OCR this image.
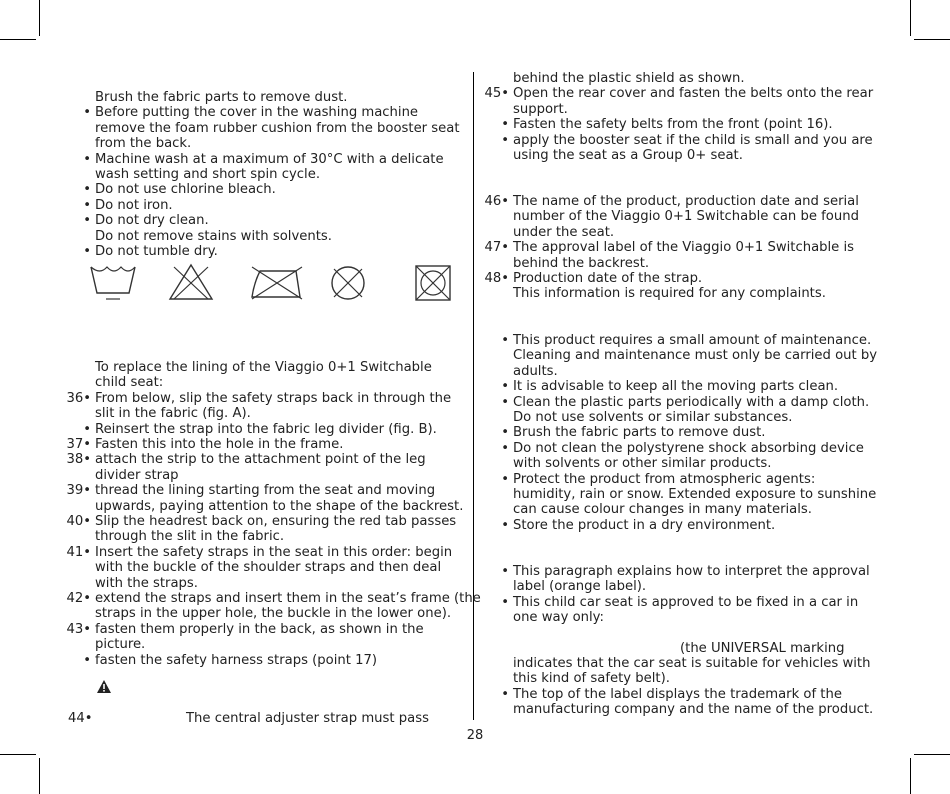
44•	The central adjuster strap must pass
(the UNIVERSAL marking
indicates that the car seat is suitable for vehicles with
this kind of safety belt).
28
Brush the fabric parts to remove dust.
• Before putting the cover in the washing machine
remove the foam rubber cushion from the booster seat
from the back.
• Machine wash at a maximum of 30°C with a delicate
wash setting and short spin cycle.
• Do not use chlorine bleach.
• Do not iron.
• Do not dry clean.
Do not remove stains with solvents.
• Do not tumble dry.
To replace the lining of the Viaggio 0+1 Switchable
child seat:
36• From below, slip the safety straps back in through the
slit in the fabric (fig. A).
• Reinsert the strap into the fabric leg divider (fig. B).
37• Fasten this into the hole in the frame.
38• attach the strip to the attachment point of the leg
divider strap
39• thread the lining starting from the seat and moving
upwards, paying attention to the shape of the backrest.
40• Slip the headrest back on, ensuring the red tab passes
through the slit in the fabric.
41• Insert the safety straps in the seat in this order: begin
with the buckle of the shoulder straps and then deal
with the straps.
42• extend the straps and insert them in the seat’s frame (the
straps in the upper hole, the buckle in the lower one).
43• fasten them properly in the back, as shown in the
picture.
• fasten the safety harness straps (point 17)
behind the plastic shield as shown.
45• Open the rear cover and fasten the belts onto the rear
support.
• Fasten the safety belts from the front (point 16).
• apply the booster seat if the child is small and you are
using the seat as a Group 0+ seat.
46• The name of the product, production date and serial
number of the Viaggio 0+1 Switchable can be found
under the seat.
47• The approval label of the Viaggio 0+1 Switchable is
behind the backrest.
48• Production date of the strap.
This information is required for any complaints.
• This product requires a small amount of maintenance.
Cleaning and maintenance must only be carried out by
adults.
• It is advisable to keep all the moving parts clean.
• Clean the plastic parts periodically with a damp cloth.
Do not use solvents or similar substances.
• Brush the fabric parts to remove dust.
• Do not clean the polystyrene shock absorbing device
with solvents or other similar products.
• Protect the product from atmospheric agents:
humidity, rain or snow. Extended exposure to sunshine
can cause colour changes in many materials.
• Store the product in a dry environment.
• This paragraph explains how to interpret the approval
label (orange label).
• This child car seat is approved to be fixed in a car in
one way only:
• The top of the label displays the trademark of the
manufacturing company and the name of the product.
